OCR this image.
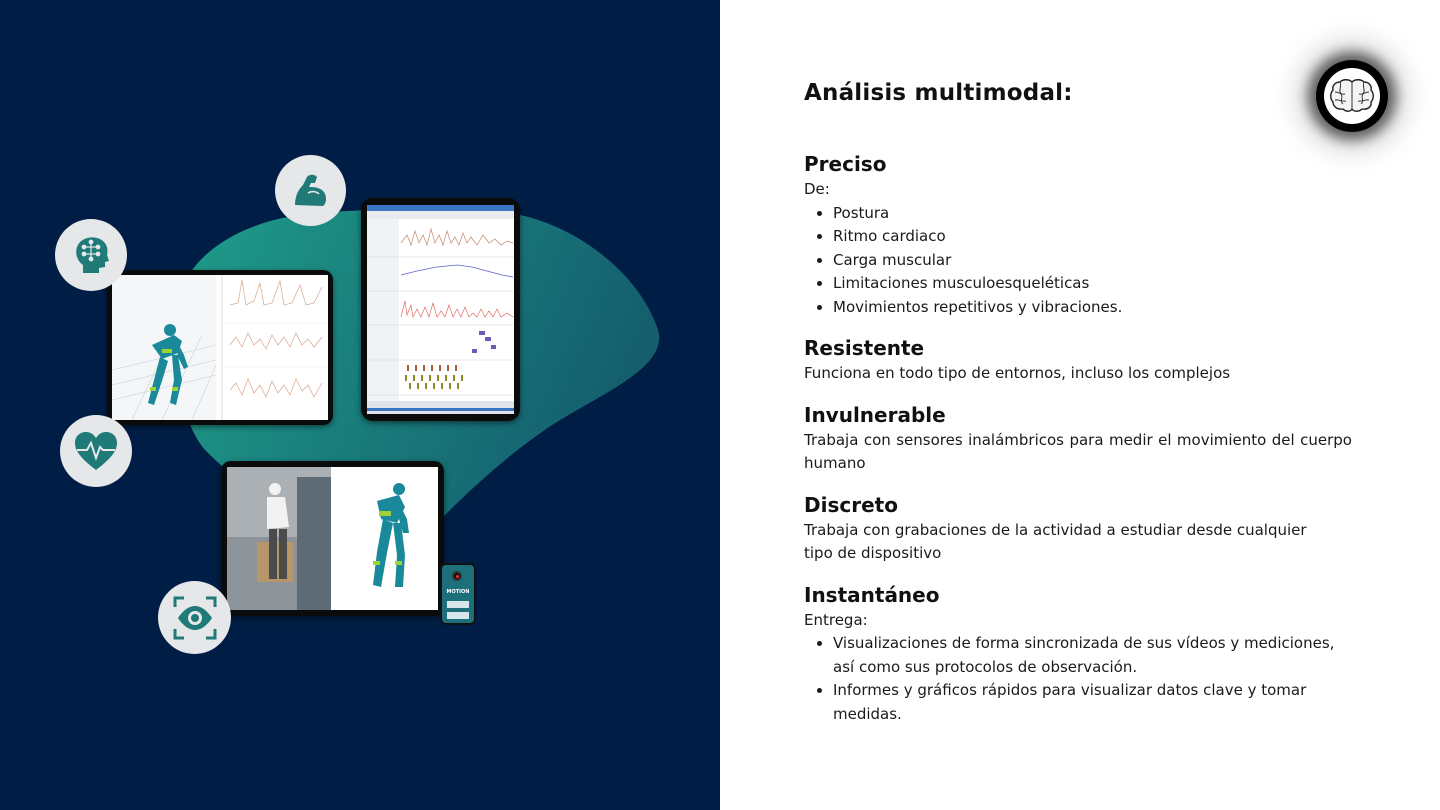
MOTION
Análisis multimodal:
Preciso

De:

• Postura
• Ritmo cardiaco
• Carga muscular
• Limitaciones musculoesqueléticas
• Movimientos repetitivos y vibraciones.
Resistente

Funciona en todo tipo de entornos, incluso los complejos

Invulnerable

Trabaja con sensores inalámbricos para medir el movimiento del cuerpo humano

Discreto

Trabaja con grabaciones de la actividad a estudiar desde cualquier tipo de dispositivo

Instantáneo

Entrega:

• Visualizaciones de forma sincronizada de sus vídeos y mediciones, así como sus protocolos de observación.
• Informes y gráficos rápidos para visualizar datos clave y tomar medidas.
